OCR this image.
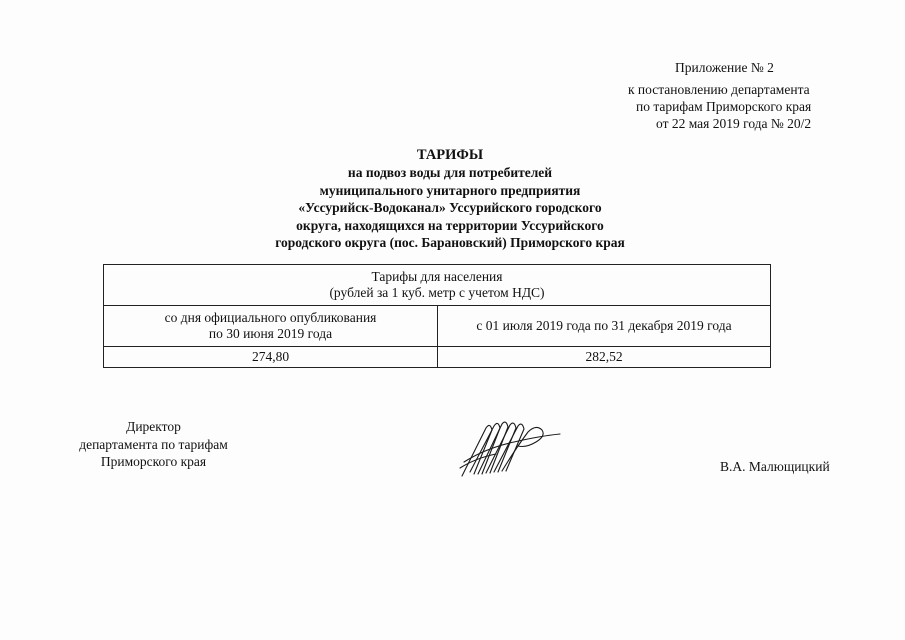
Приложение № 2
к постановлению департамента
по тарифам Приморского края
от 22 мая 2019 года № 20/2
ТАРИФЫ
на подвоз воды для потребителей
муниципального унитарного предприятия
«Уссурийск-Водоканал» Уссурийского городского
округа, находящихся на территории Уссурийского
городского округа (пос. Барановский) Приморского края
Тарифы для населения
(рублей за 1 куб. метр с учетом НДС)	

со дня официального опубликования
по 30 июня 2019 года	с 01 июля 2019 года по 31 декабря 2019 года
274,80	282,52
Директор
департамента по тарифам
Приморского края	В.А. Малющицкий
